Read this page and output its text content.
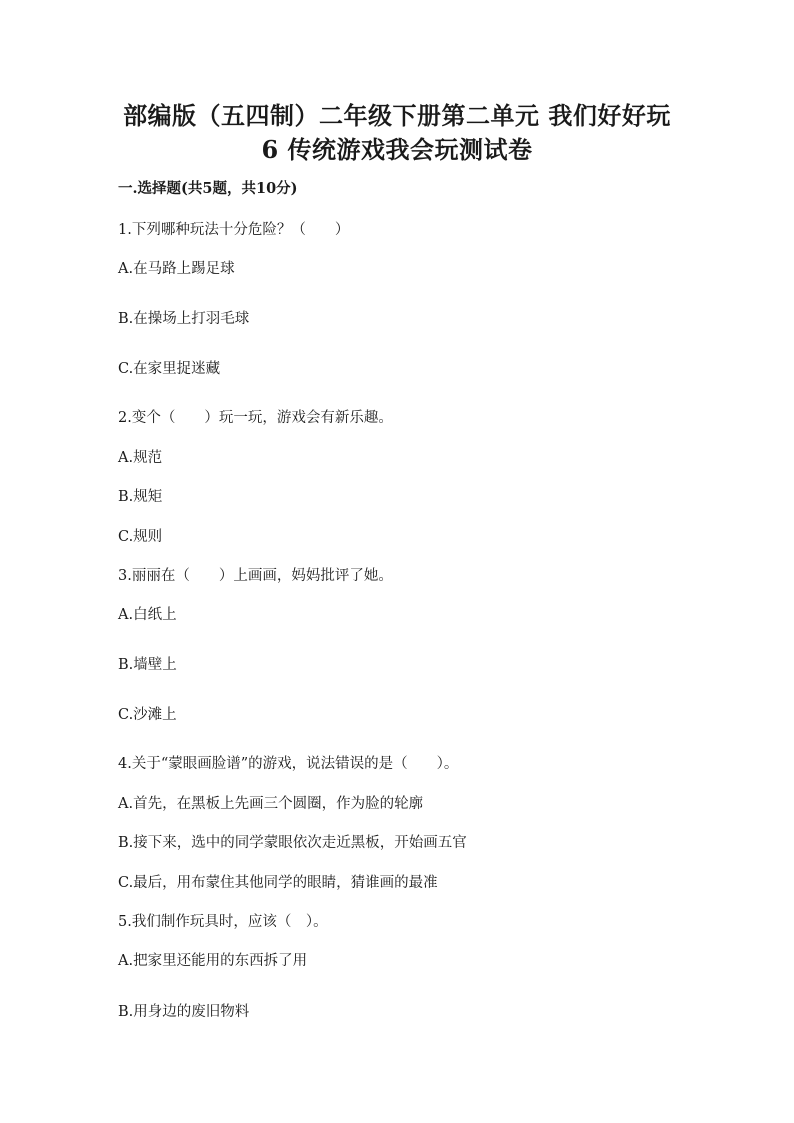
部编版（五四制）二年级下册第二单元 我们好好玩
6 传统游戏我会玩测试卷
一.选择题(共5题，共10分)
1.下列哪种玩法十分危险？（　　）
A.在马路上踢足球
B.在操场上打羽毛球
C.在家里捉迷藏
2.变个（　　）玩一玩，游戏会有新乐趣。
A.规范
B.规矩
C.规则
3.丽丽在（　　）上画画，妈妈批评了她。
A.白纸上
B.墙壁上
C.沙滩上
4.关于“蒙眼画脸谱”的游戏，说法错误的是（　　）。
A.首先，在黑板上先画三个圆圈，作为脸的轮廓
B.接下来，选中的同学蒙眼依次走近黑板，开始画五官
C.最后，用布蒙住其他同学的眼睛，猜谁画的最准
5.我们制作玩具时，应该（　）。
A.把家里还能用的东西拆了用
B.用身边的废旧物料
